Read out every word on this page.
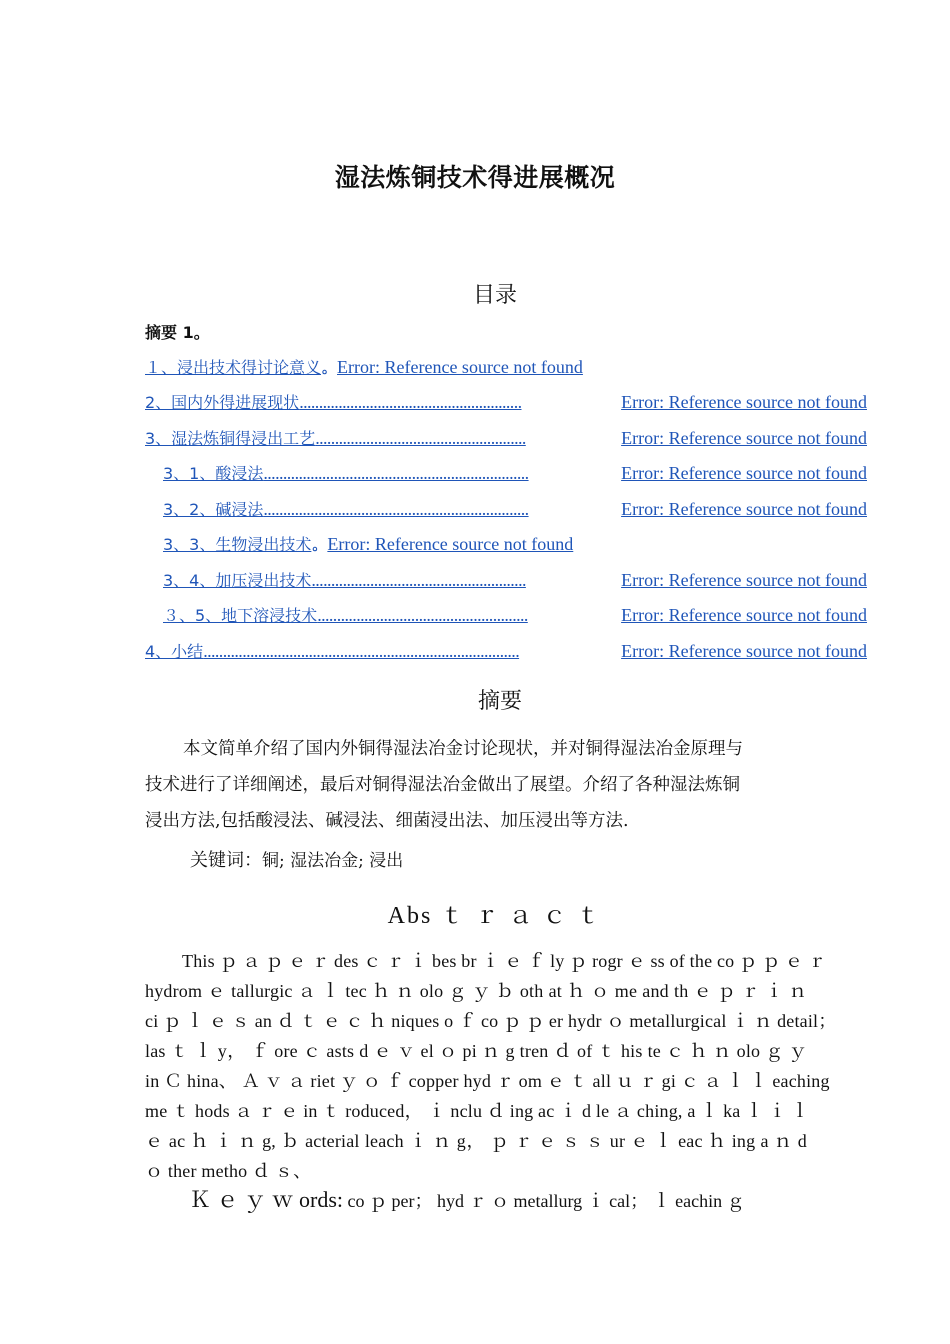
湿法炼铜技术得进展概况
目录
摘要 1。
１、浸出技术得讨论意义 。 Error: Reference source not found
2、国内外得进展现状 .........................................................	Error: Reference source not found
3、湿法炼铜得浸出工艺 ......................................................	Error: Reference source not found
3、1、酸浸法 ....................................................................	Error: Reference source not found
3、2、碱浸法 ....................................................................	Error: Reference source not found
3、3、生物浸出技术 。 Error: Reference source not found
3、4、加压浸出技术 .......................................................	Error: Reference source not found
３、5、地下溶浸技术 ......................................................	Error: Reference source not found
4、小结 .................................................................................	Error: Reference source not found
摘要
本文简单介绍了国内外铜得湿法冶金讨论现状，并对铜得湿法冶金原理与
技术进行了详细阐述，最后对铜得湿法冶金做出了展望。介绍了各种湿法炼铜
浸出方法,包括酸浸法、碱浸法、细菌浸出法、加压浸出等方法.
关键词：铜; 湿法冶金; 浸出
Abs ｔ ｒ ａ ｃ ｔ
This ｐ ａ ｐ ｅ ｒ des ｃ ｒ ｉ bes br ｉ ｅ ｆ ly ｐ rogr ｅ ss of the co ｐ ｐ ｅ ｒ
hydrom ｅ tallurgic ａ ｌ tec ｈ ｎ olo ｇ ｙ ｂ oth at ｈ ｏ me and th ｅ ｐ ｒ ｉ ｎ
ci ｐ ｌ ｅ ｓ an ｄ ｔ ｅ ｃ ｈ niques o ｆ co ｐ ｐ er hydr ｏ metallurgical ｉ ｎ detail；
las ｔ ｌ y， ｆ ore ｃ asts d ｅ ｖ el ｏ pi ｎ g tren ｄ of ｔ his te ｃ ｈ ｎ olo ｇ ｙ
in Ｃ hina、 Ａ ｖ ａ riet ｙ ｏ ｆ copper hyd ｒ om ｅ ｔ all ｕ ｒ gi ｃ ａ ｌ ｌ eaching
me ｔ hods ａ ｒ ｅ in ｔ roduced， ｉ nclu ｄ ing ac ｉ d le ａ ching, a ｌ ka ｌ ｉ ｌ
ｅ ac ｈ ｉ ｎ g, ｂ acterial leach ｉ ｎ g， ｐ ｒ ｅ ｓ ｓ ur ｅ ｌ eac ｈ ing a ｎ d
ｏ ther metho ｄ ｓ、
Ｋ ｅ ｙ ｗ ords: co ｐ per； hyd ｒ ｏ metallurg ｉ cal； ｌ eachin ｇ
